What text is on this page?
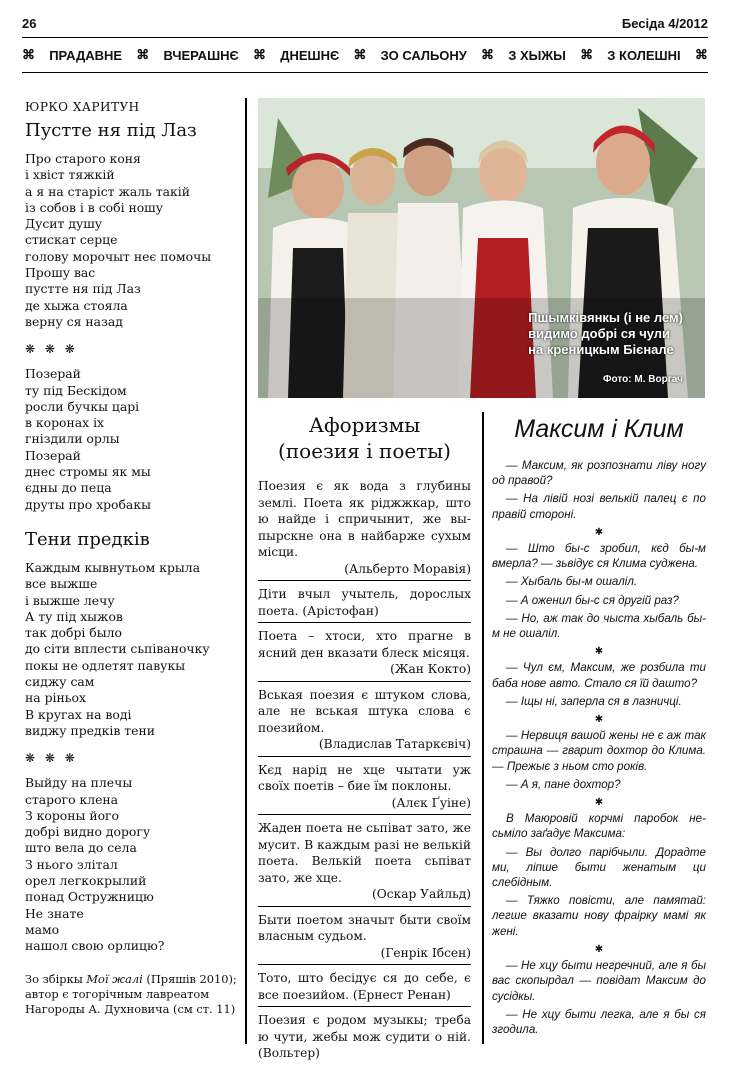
26	Бесіда 4/2012
⌘ ПРАДАВНЕ ⌘ ВЧЕРАШНЄ ⌘ ДНЕШНЄ ⌘ ЗО САЛЬОНУ ⌘ З ХЫЖЫ ⌘ З КОЛЕШНІ ⌘
ЮРКО ХАРИТУН
Пустте ня під Лаз
Про старого коня
і хвіст тяжкій
а я на старіст жаль такій
із собов і в собі ношу
Дусит душу
стискат серце
голову морочыт неє помочы
Прошу вас
пустте ня під Лаз
де хыжа стояла
верну ся назад
❋ ❋ ❋
Позерай
ту під Бескідом
росли бучкы царі
в коронах іх
гніздили орлы
Позерай
днес стромы як мы
єдны до пеца
друты про хробакы
Тени предків
Каждым кывнутьом крыла
все выжше
і выжше лечу
А ту під хыжов
так добрі было
до сіти вплести сьпіваночку
покы не одлетят павукы
сиджу сам
на ріньох
В кругах на воді
виджу предків тени
❋ ❋ ❋
Выйду на плечы
старого клена
З короны його
добрі видно дорогу
што вела до села
З нього злітал
орел легкокрылий
понад Остружницю
Не знате
мамо
нашол свою орлицю?
Зо збіркы Мої жалі (Пряшів 2010); автор є тогорічным лавреатом Нагороды А. Духновича (см ст. 11)
Пшымківянкы (і не лем)
видимо добрі ся чули
на креницкым Бієнале
Фото: М. Воргач
Афоризмы
(поезия і поеты)
Поезия є як вода з глубины землі. Поета як ріджжкар, што ю найде і спричынит, же выпырскне она в найбарже сухым місци.
(Альберто Моравія)
Діти вчыл учытель, дорослых поета. (Арістофан)
Поета – хтоси, хто прагне в ясний ден вказати блеск місяця.
(Жан Кокто)
Вськая поезия є штуком слова, але не вськая штука слова є поезийом.
(Владислав Татаркєвіч)
Кєд нарід не хце чытати уж своїх поетів – бие їм поклоны.
(Алєк Ґуіне)
Жаден поета не сьпіват зато, же мусит. В каждым разі не велькій поета. Велькій поета сьпіват зато, же хце.
(Оскар Уайльд)
Быти поетом значыт быти своїм власным судьом.
(Генрік Ібсен)
Тото, што бесідує ся до себе, є все поезийом. (Ернест Ренан)
Поезия є родом музыкы; треба ю чути, жебы мож судити о ній. (Вольтер)
Максим і Клим

— Максим, як розпознати ліву ногу од правой?

— На лівій нозі велькій палец є по правій стороні.

✱

— Што бы-с зробил, кєд бы-м вмерла? — зьвідує ся Клима суджена.

— Хыбаль бы-м ошаліл.

— А оженил бы-с ся другій раз?

— Но, аж так до чыста хыбаль бы-м не ошаліл.

✱

— Чул єм, Максим, же розбила ти баба нове авто. Стало ся їй дашто?

— Іщы ні, заперла ся в лазничці.

✱

— Нервиця вашой жены не є аж так страшна — гварит дохтор до Клима. — Прежыє з ньом сто років.

— А я, пане дохтор?

✱

В Маюровій корчмі паробок несьміло заґадує Максима:

— Вы долго парібчыли. Дорадте ми, ліпше быти женатым ци слебідным.

— Тяжко повісти, але памятай: легше вказати нову фраірку мамі як жені.

✱

— Не хцу быти негречний, але я бы вас скопырдал — повідат Максим до сусідкы.

— Не хцу быти легка, але я бы ся згодила.
